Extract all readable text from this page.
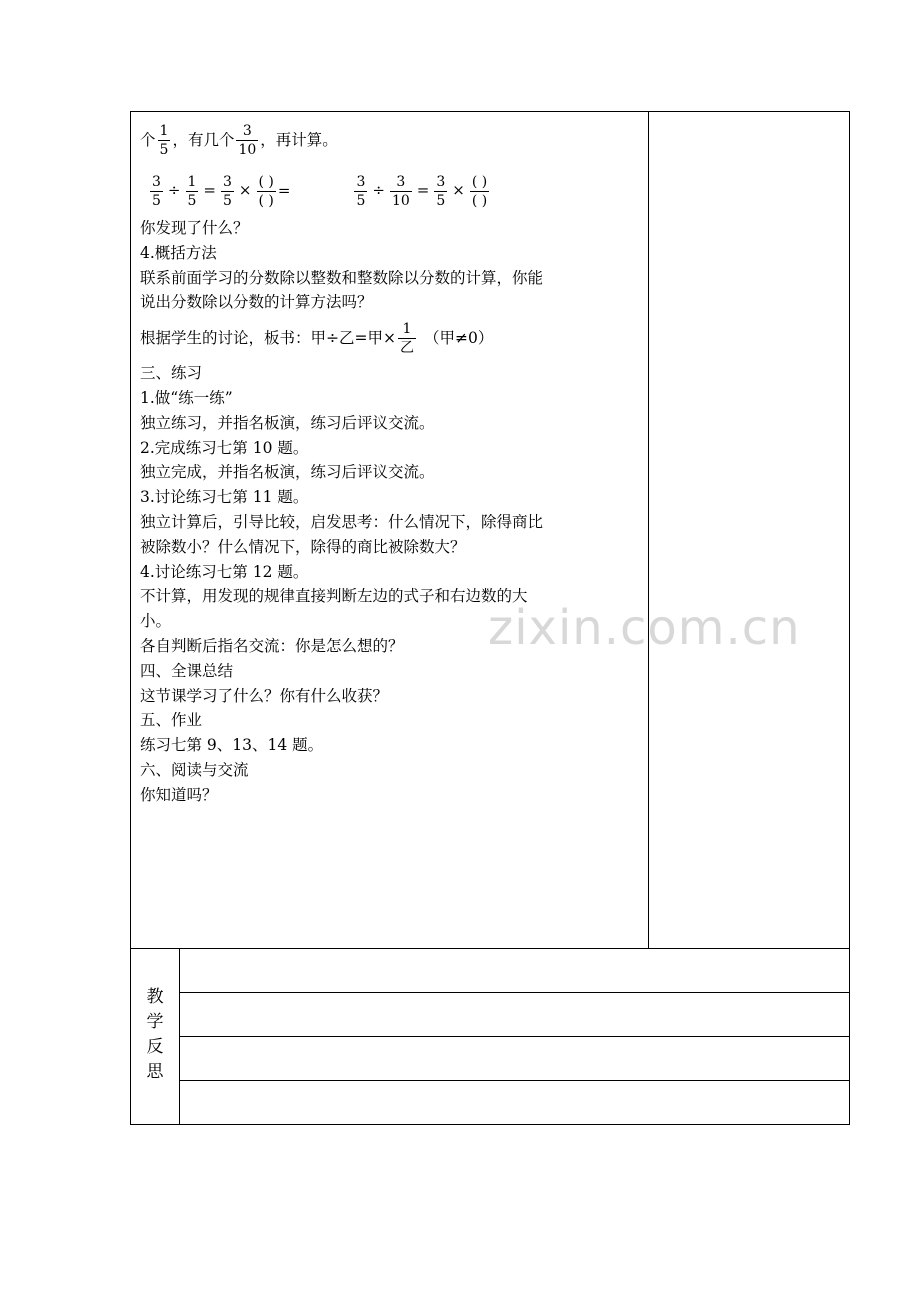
个 $\frac{1}{5}$ ，有几个 $\frac{3}{10}$ ，再计算。
$\frac{3}{5} \div \frac{1}{5} = \frac{3}{5} \times \frac{( )}{( )}$ =	$\frac{3}{5} \div \frac{3}{10} = \frac{3}{5} \times \frac{( )}{( )}$
你发现了什么？
4.概括方法
联系前面学习的分数除以整数和整数除以分数的计算，你能
说出分数除以分数的计算方法吗？
根据学生的讨论，板书：甲÷乙=甲× $\frac{1}{\text{乙}}$ （甲≠0）
三、练习
1.做“练一练”
独立练习，并指名板演，练习后评议交流。
2.完成练习七第 10 题。
独立完成，并指名板演，练习后评议交流。
3.讨论练习七第 11 题。
独立计算后，引导比较，启发思考：什么情况下，除得商比
被除数小？什么情况下，除得的商比被除数大？
4.讨论练习七第 12 题。
不计算，用发现的规律直接判断左边的式子和右边数的大
小。
各自判断后指名交流：你是怎么想的？
四、全课总结
这节课学习了什么？你有什么收获？
五、作业
练习七第 9、13、14 题。
六、阅读与交流
你知道吗？
教
学
反
思
zixin.com.cn
